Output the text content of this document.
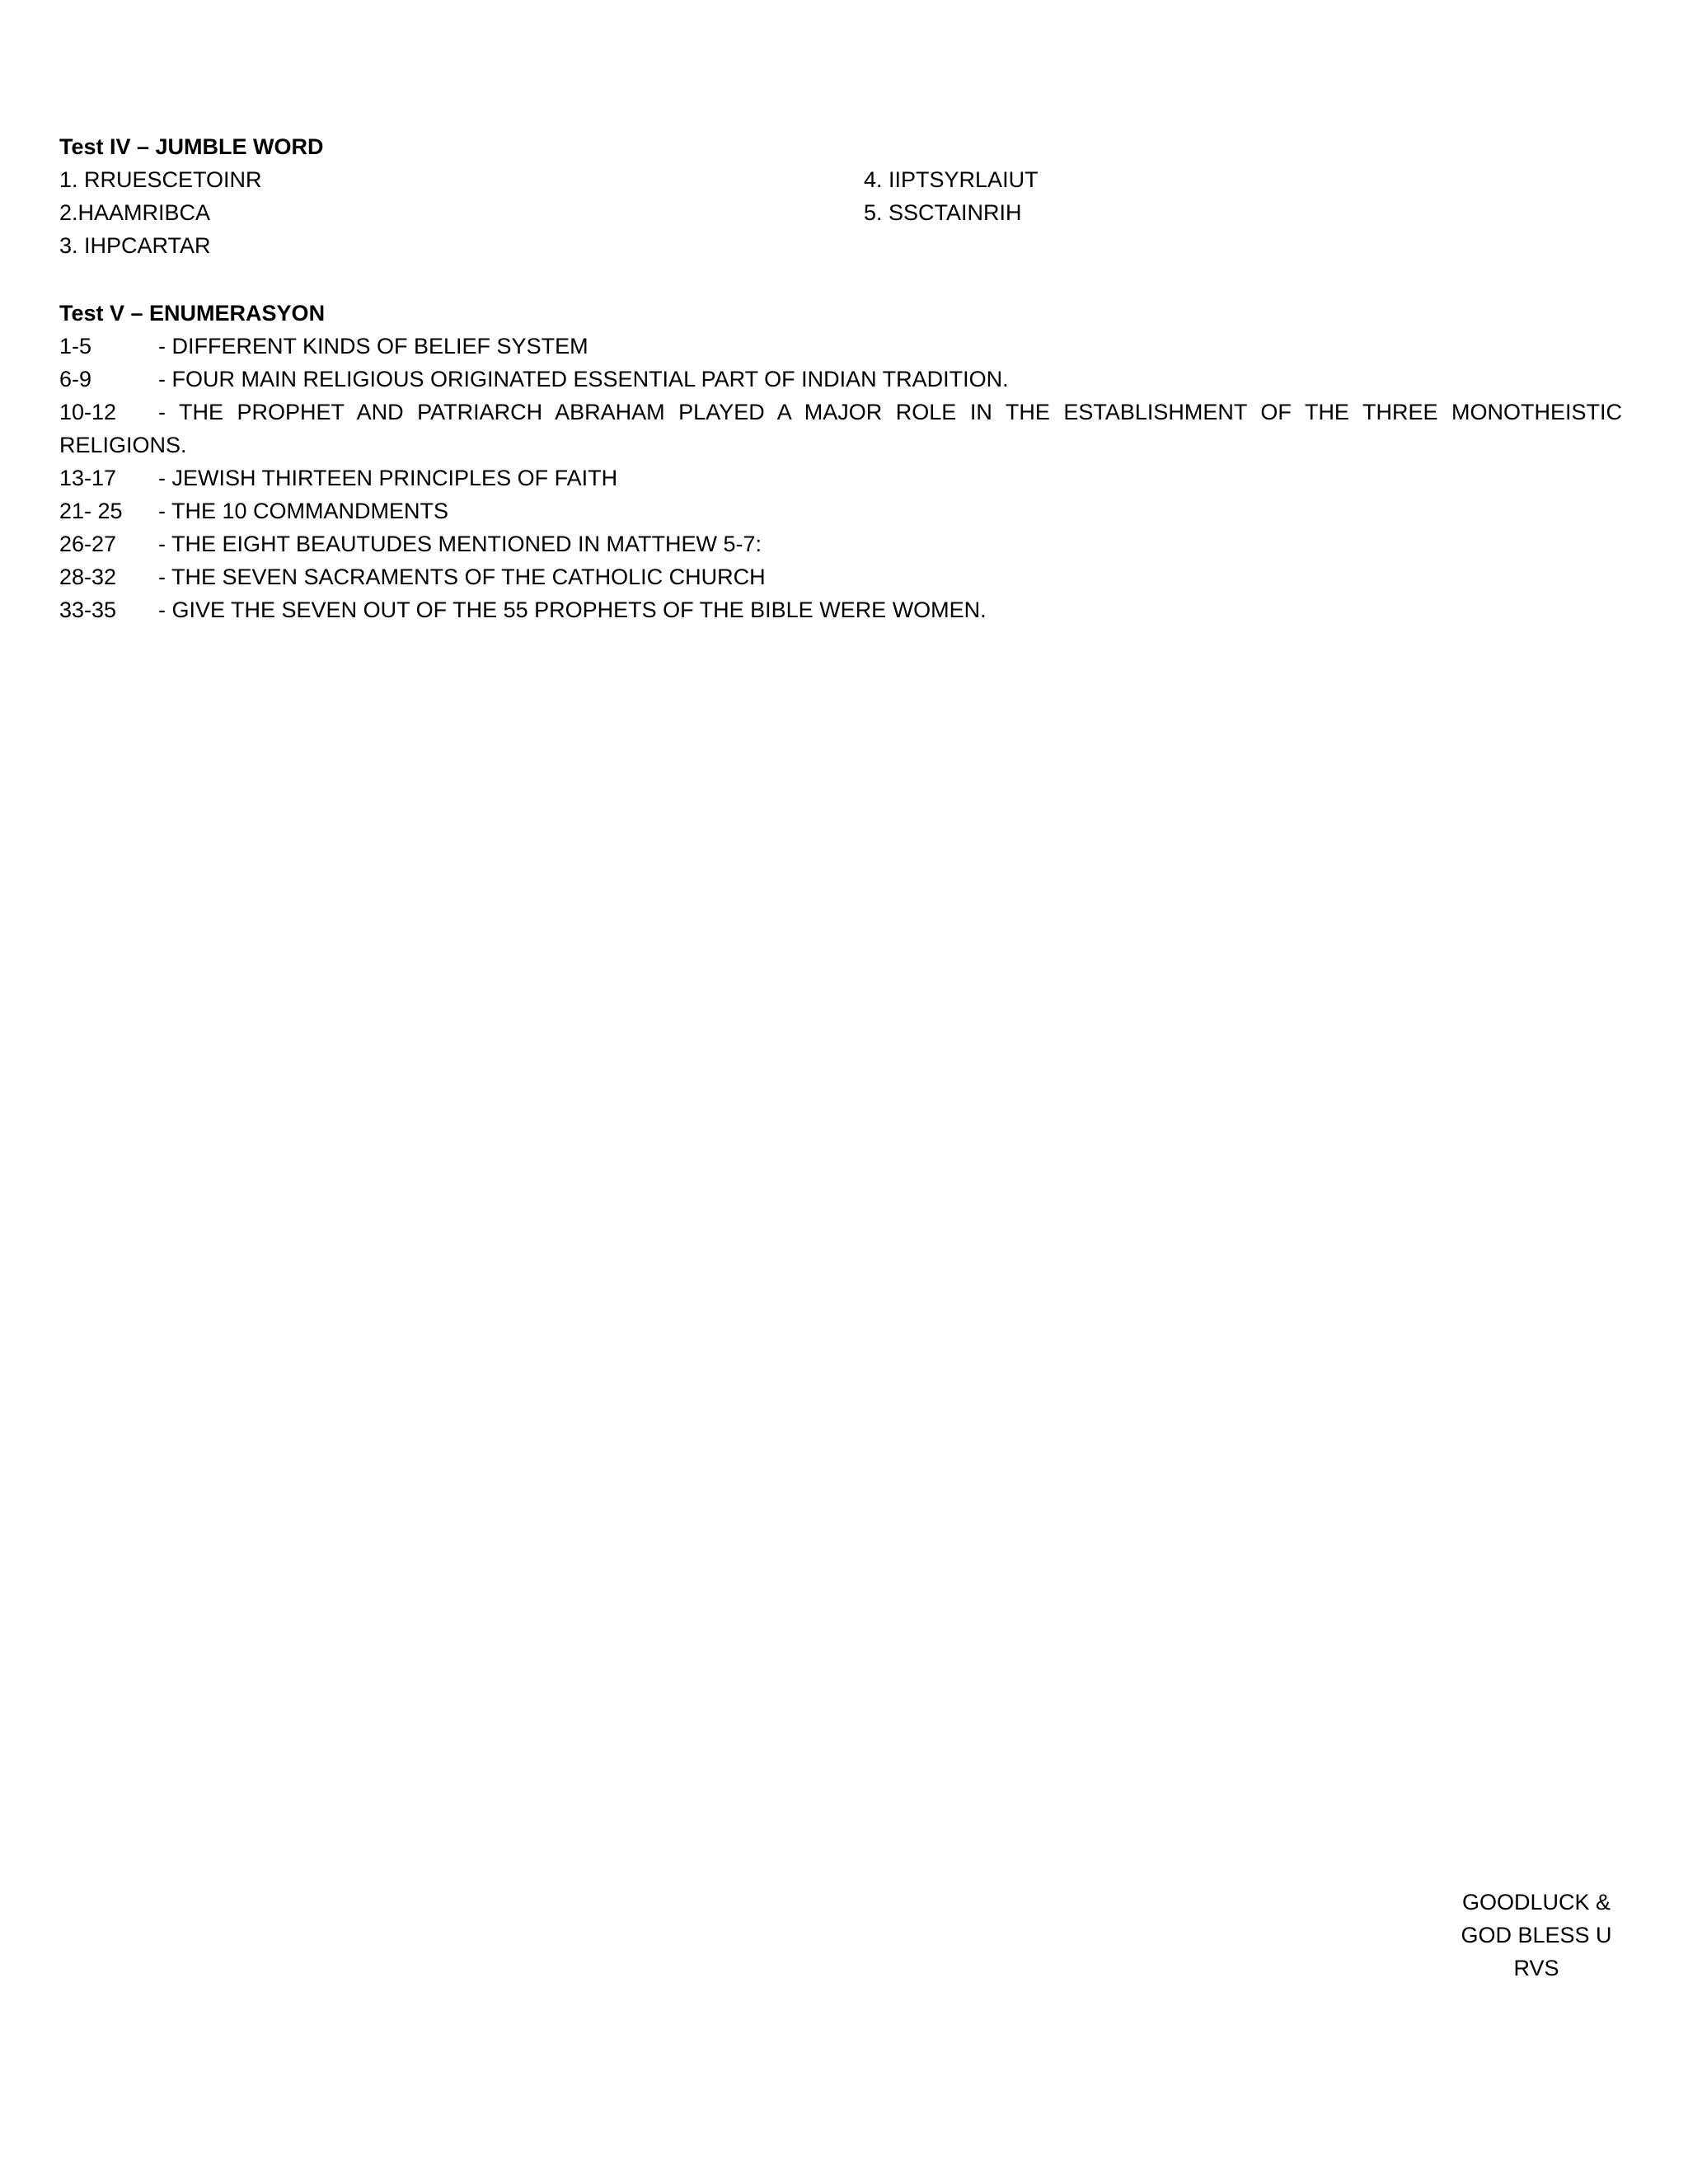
Test IV – JUMBLE WORD
1. RRUESCETOINR
2.HAAMRIBCA
3. IHPCARTAR
4. IIPTSYRLAIUT
5. SSCTAINRIH
Test V – ENUMERASYON
1-5	- DIFFERENT KINDS OF BELIEF SYSTEM
6-9	- FOUR MAIN RELIGIOUS ORIGINATED ESSENTIAL PART OF INDIAN TRADITION.
10-12 - THE PROPHET AND PATRIARCH ABRAHAM PLAYED A MAJOR ROLE IN THE ESTABLISHMENT OF THE THREE MONOTHEISTIC RELIGIONS.
13-17	- JEWISH THIRTEEN PRINCIPLES OF FAITH
21- 25	- THE 10 COMMANDMENTS
26-27	- THE EIGHT BEAUTUDES MENTIONED IN MATTHEW 5-7:
28-32	- THE SEVEN SACRAMENTS OF THE CATHOLIC CHURCH
33-35	- GIVE THE SEVEN OUT OF THE 55 PROPHETS OF THE BIBLE WERE WOMEN.
GOODLUCK &
GOD BLESS U
RVS
